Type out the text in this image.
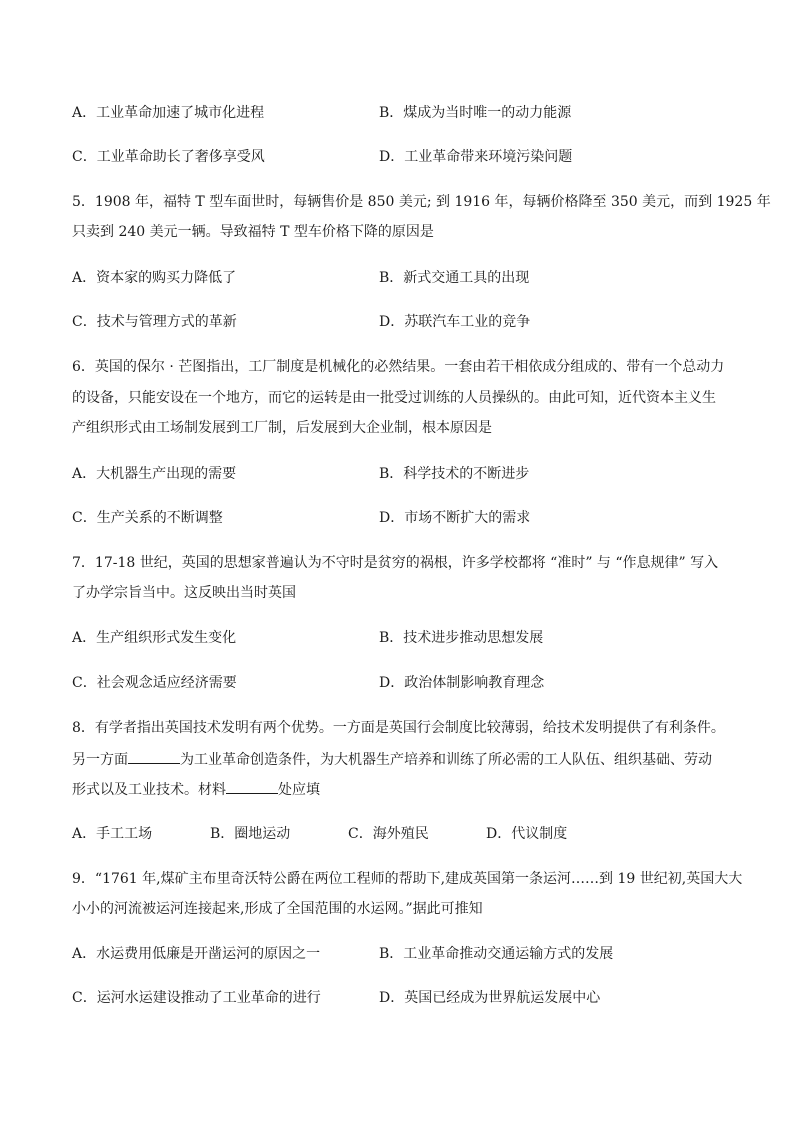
A．工业革命加速了城市化进程	B．煤成为当时唯一的动力能源
C．工业革命助长了奢侈享受风	D．工业革命带来环境污染问题
5．1908 年，福特 T 型车面世时，每辆售价是 850 美元; 到 1916 年，每辆价格降至 350 美元，而到 1925 年
只卖到 240 美元一辆。导致福特 T 型车价格下降的原因是
A．资本家的购买力降低了	B．新式交通工具的出现
C．技术与管理方式的革新	D．苏联汽车工业的竞争
6．英国的保尔 · 芒图指出，工厂制度是机械化的必然结果。一套由若干相依成分组成的、带有一个总动力
的设备，只能安设在一个地方，而它的运转是由一批受过训练的人员操纵的。由此可知，近代资本主义生
产组织形式由工场制发展到工厂制，后发展到大企业制，根本原因是
A．大机器生产出现的需要	B．科学技术的不断进步
C．生产关系的不断调整	D．市场不断扩大的需求
7．17-18 世纪，英国的思想家普遍认为不守时是贫穷的祸根，许多学校都将 “准时” 与 “作息规律” 写入
了办学宗旨当中。这反映出当时英国
A．生产组织形式发生变化	B．技术进步推动思想发展
C．社会观念适应经济需要	D．政治体制影响教育理念
8．有学者指出英国技术发明有两个优势。一方面是英国行会制度比较薄弱，给技术发明提供了有利条件。
另一方面	为工业革命创造条件，为大机器生产培养和训练了所必需的工人队伍、组织基础、劳动
形式以及工业技术。材料	处应填
A．手工工场	B．圈地运动	C．海外殖民	D．代议制度
9．“1761 年,煤矿主布里奇沃特公爵在两位工程师的帮助下,建成英国第一条运河……到 19 世纪初,英国大大
小小的河流被运河连接起来,形成了全国范围的水运网。”据此可推知
A．水运费用低廉是开凿运河的原因之一	B．工业革命推动交通运输方式的发展
C．运河水运建设推动了工业革命的进行	D．英国已经成为世界航运发展中心
